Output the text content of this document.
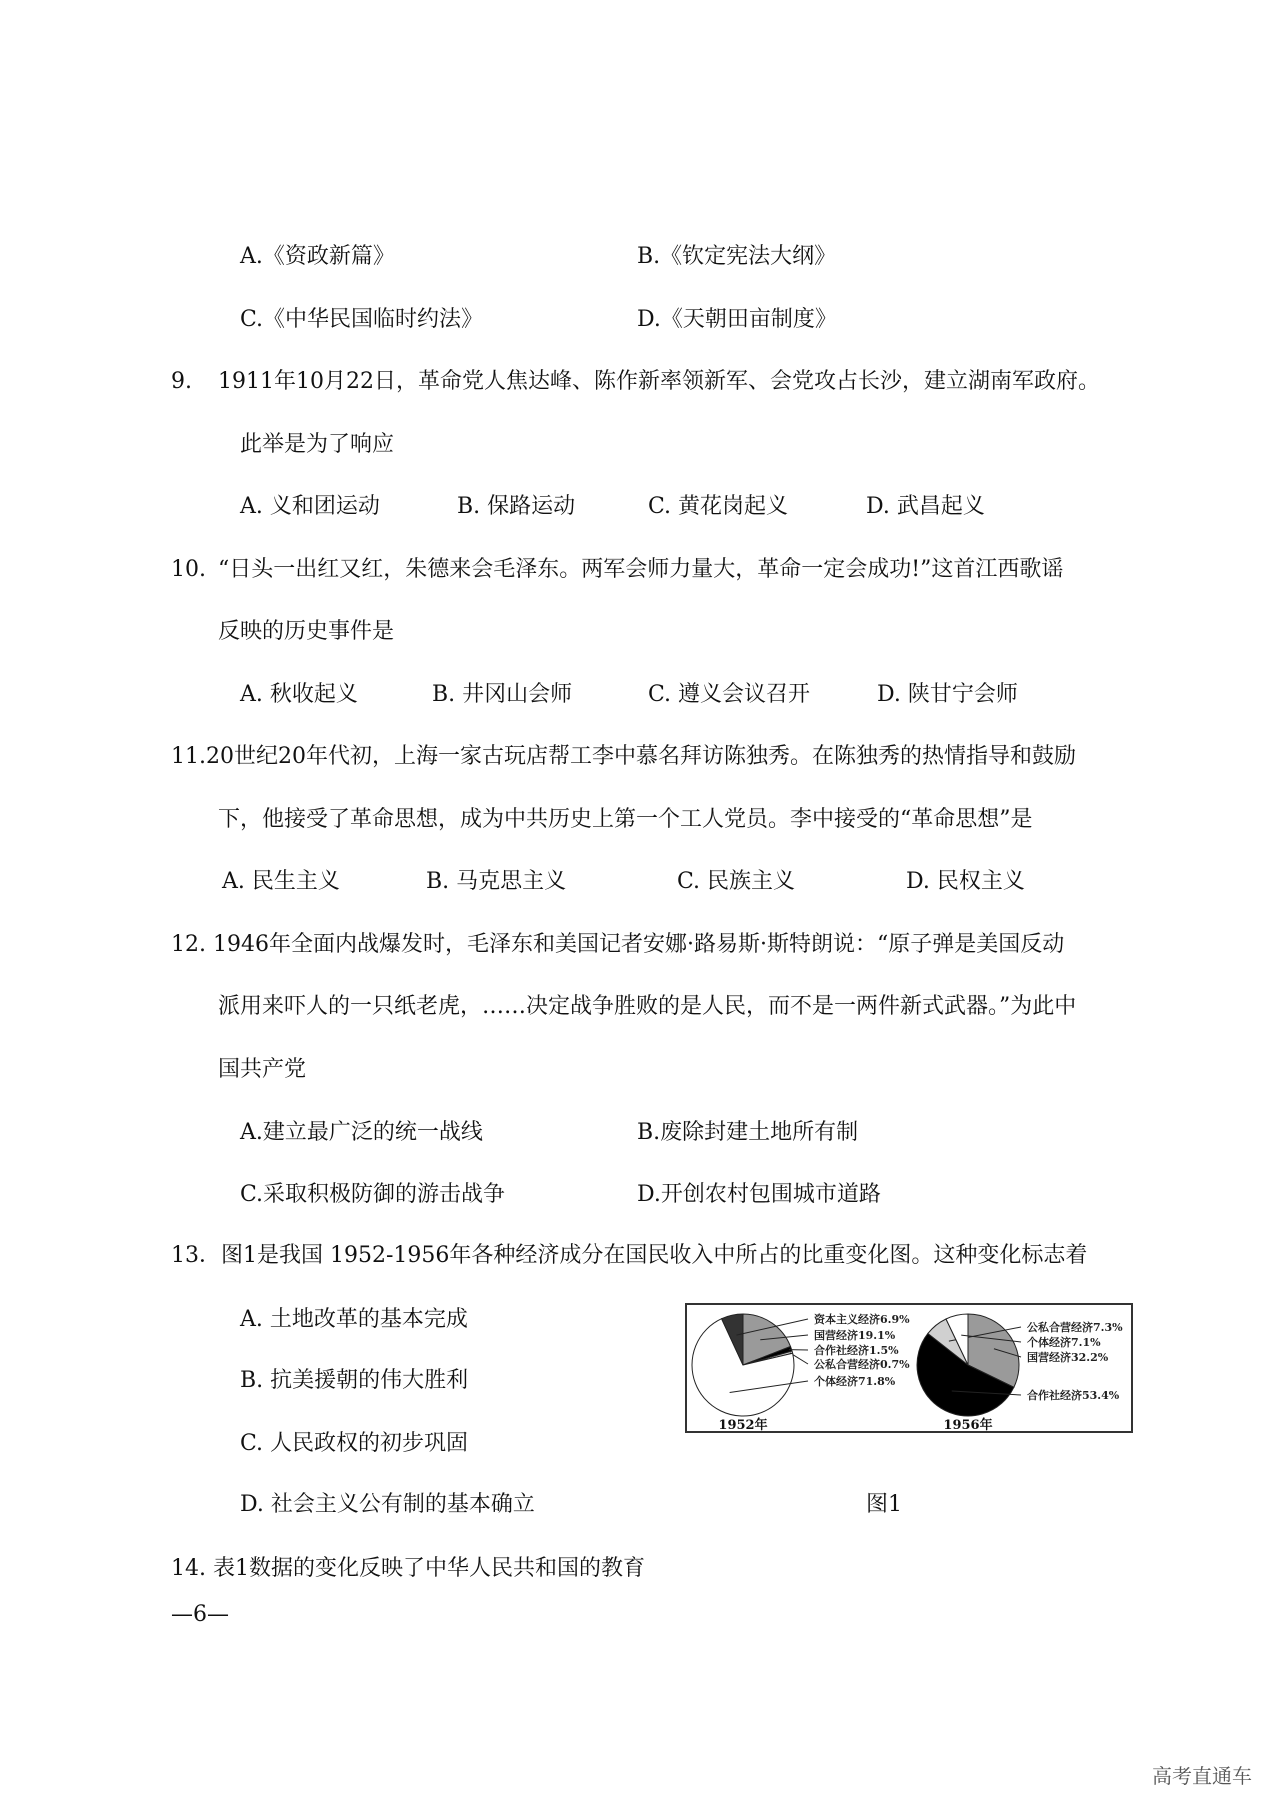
A.《资政新篇》	B.《钦定宪法大纲》
C.《中华民国临时约法》	D.《天朝田亩制度》
9. 1911年10月22日，革命党人焦达峰、陈作新率领新军、会党攻占长沙，建立湖南军政府。
此举是为了响应
A. 义和团运动	B. 保路运动	C. 黄花岗起义	D. 武昌起义
10. “日头一出红又红，朱德来会毛泽东。两军会师力量大，革命一定会成功!”这首江西歌谣
反映的历史事件是
A. 秋收起义	B. 井冈山会师	C. 遵义会议召开	D. 陕甘宁会师
11.20世纪20年代初，上海一家古玩店帮工李中慕名拜访陈独秀。在陈独秀的热情指导和鼓励
下，他接受了革命思想，成为中共历史上第一个工人党员。李中接受的“革命思想”是
A. 民生主义	B. 马克思主义	C. 民族主义	D. 民权主义
12. 1946年全面内战爆发时，毛泽东和美国记者安娜·路易斯·斯特朗说：“原子弹是美国反动
派用来吓人的一只纸老虎，……决定战争胜败的是人民，而不是一两件新式武器。”为此中
国共产党
A.建立最广泛的统一战线	B.废除封建土地所有制
C.采取积极防御的游击战争	D.开创农村包围城市道路
13．图1是我国 1952-1956年各种经济成分在国民收入中所占的比重变化图。这种变化标志着
A. 土地改革的基本完成
B. 抗美援朝的伟大胜利
C. 人民政权的初步巩固
D. 社会主义公有制的基本确立	图1
国营经济19.1%
合作社经济1.5%
公私合营经济0.7%
个体经济71.8%
资本主义经济6.9%
1952年
国营经济32.2%
合作社经济53.4%
公私合营经济7.3%
个体经济7.1%
1956年
14. 表1数据的变化反映了中华人民共和国的教育
—6—
高考直通车
